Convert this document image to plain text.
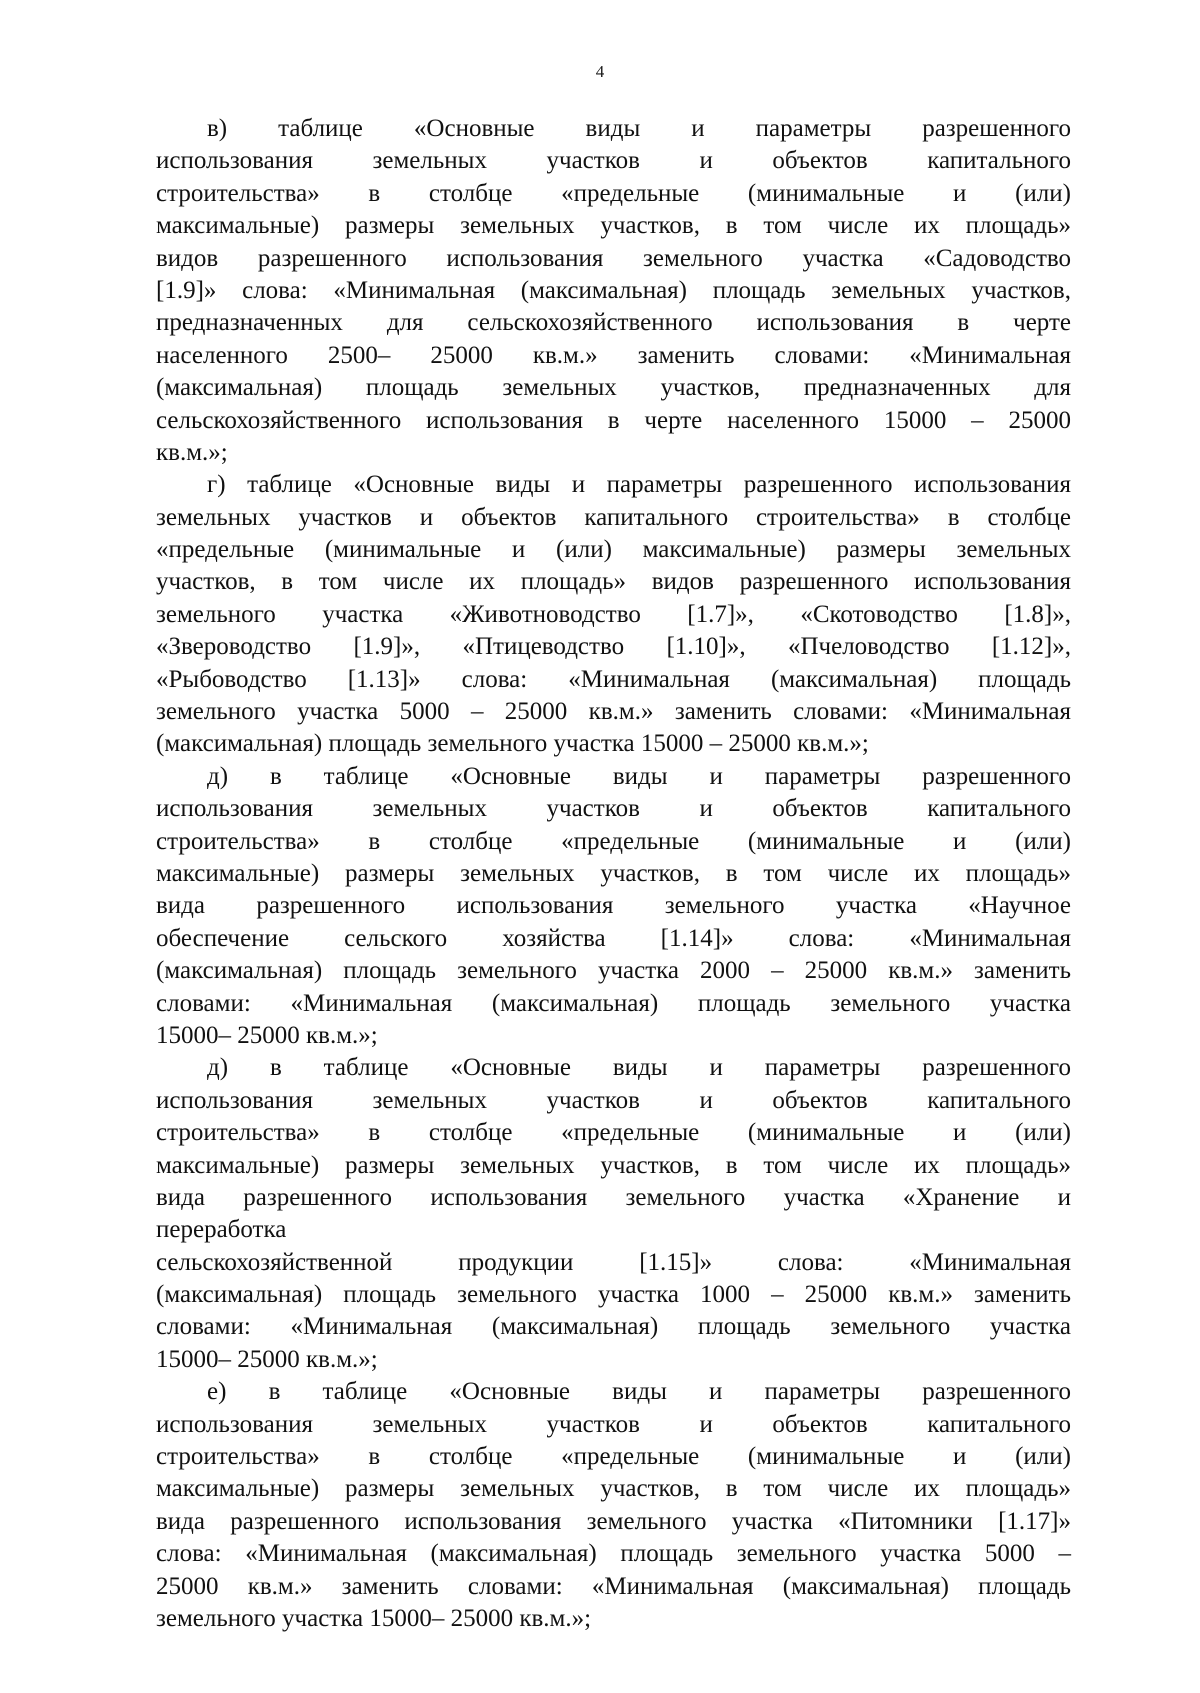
4
в) таблице «Основные виды и параметры разрешенного
использования земельных участков и объектов капитального
строительства» в столбце «предельные (минимальные и (или)
максимальные) размеры земельных участков, в том числе их площадь»
видов разрешенного использования земельного участка «Садоводство
[1.9]» слова: «Минимальная (максимальная) площадь земельных участков,
предназначенных для сельскохозяйственного использования в черте
населенного 2500– 25000 кв.м.» заменить словами: «Минимальная
(максимальная) площадь земельных участков, предназначенных для
сельскохозяйственного использования в черте населенного 15000 – 25000
кв.м.»;
г) таблице «Основные виды и параметры разрешенного использования
земельных участков и объектов капитального строительства» в столбце
«предельные (минимальные и (или) максимальные) размеры земельных
участков, в том числе их площадь» видов разрешенного использования
земельного участка «Животноводство [1.7]», «Скотоводство [1.8]»,
«Звероводство [1.9]», «Птицеводство [1.10]», «Пчеловодство [1.12]»,
«Рыбоводство [1.13]» слова: «Минимальная (максимальная) площадь
земельного участка 5000 – 25000 кв.м.» заменить словами: «Минимальная
(максимальная) площадь земельного участка 15000 – 25000 кв.м.»;
д) в таблице «Основные виды и параметры разрешенного
использования земельных участков и объектов капитального
строительства» в столбце «предельные (минимальные и (или)
максимальные) размеры земельных участков, в том числе их площадь»
вида разрешенного использования земельного участка «Научное
обеспечение сельского хозяйства [1.14]» слова: «Минимальная
(максимальная) площадь земельного участка 2000 – 25000 кв.м.» заменить
словами: «Минимальная (максимальная) площадь земельного участка
15000– 25000 кв.м.»;
д) в таблице «Основные виды и параметры разрешенного
использования земельных участков и объектов капитального
строительства» в столбце «предельные (минимальные и (или)
максимальные) размеры земельных участков, в том числе их площадь»
вида разрешенного использования земельного участка «Хранение и
переработка
сельскохозяйственной продукции [1.15]» слова: «Минимальная
(максимальная) площадь земельного участка 1000 – 25000 кв.м.» заменить
словами: «Минимальная (максимальная) площадь земельного участка
15000– 25000 кв.м.»;
е) в таблице «Основные виды и параметры разрешенного
использования земельных участков и объектов капитального
строительства» в столбце «предельные (минимальные и (или)
максимальные) размеры земельных участков, в том числе их площадь»
вида разрешенного использования земельного участка «Питомники [1.17]»
слова: «Минимальная (максимальная) площадь земельного участка 5000 –
25000 кв.м.» заменить словами: «Минимальная (максимальная) площадь
земельного участка 15000– 25000 кв.м.»;
